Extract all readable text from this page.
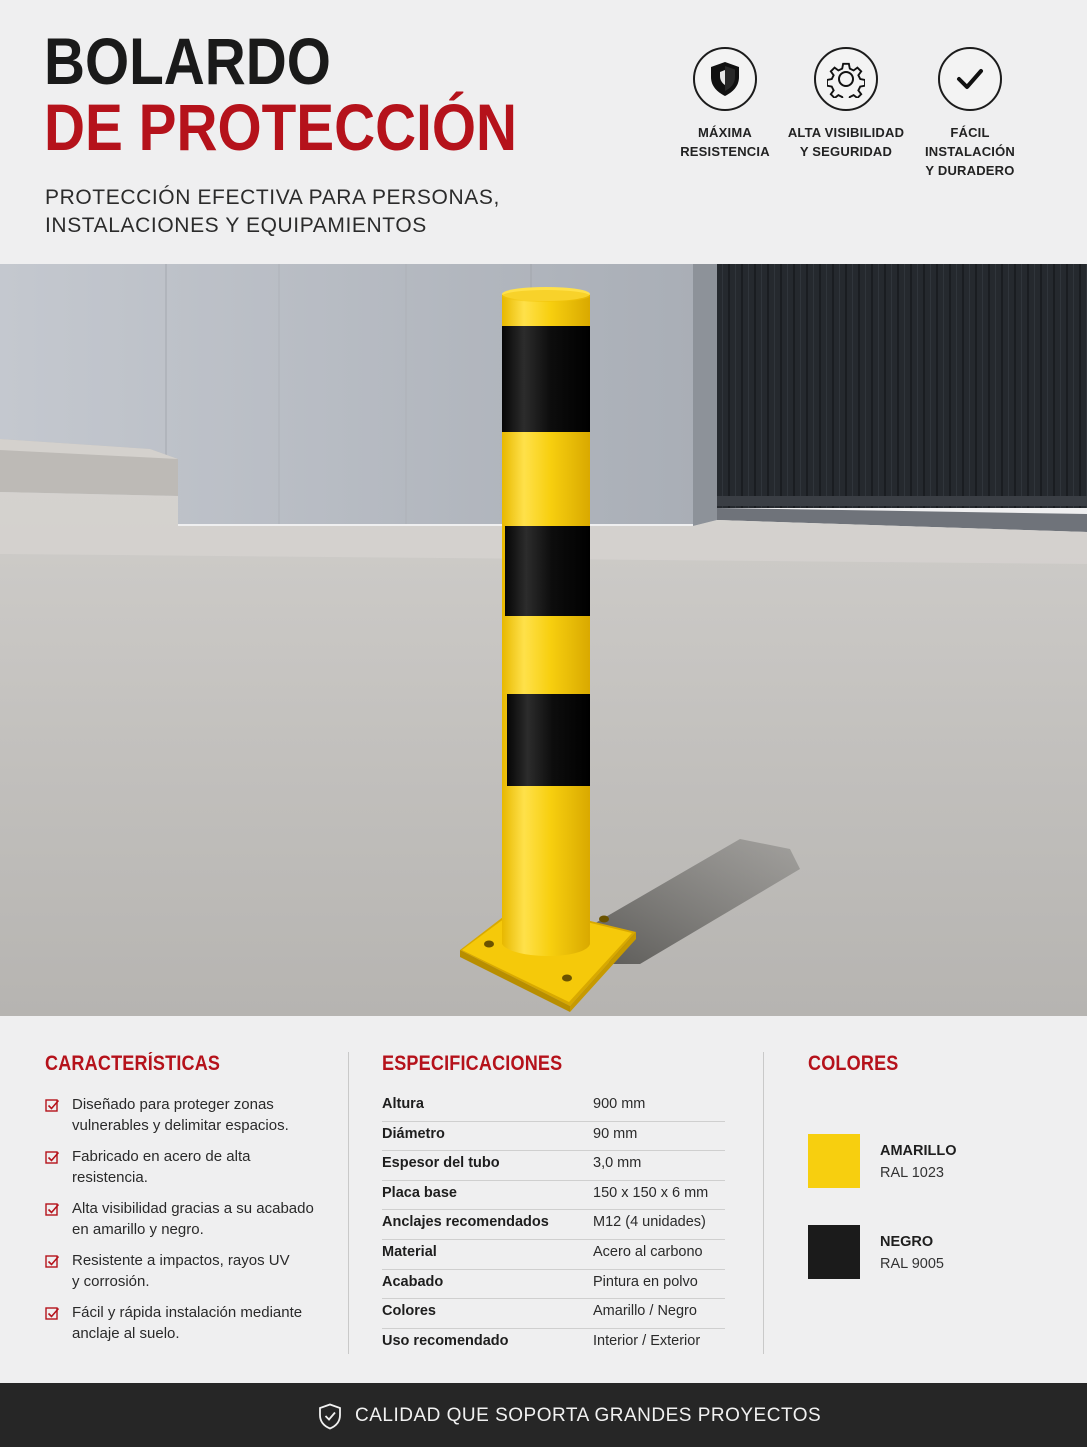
BOLARDO
DE PROTECCIÓN
PROTECCIÓN EFECTIVA PARA PERSONAS,
INSTALACIONES Y EQUIPAMIENTOS
MÁXIMA
RESISTENCIA
ALTA VISIBILIDAD
Y SEGURIDAD
FÁCIL INSTALACIÓN
Y DURADERO
CARACTERÍSTICAS
Diseñado para proteger zonas
vulnerables y delimitar espacios.
Fabricado en acero de alta
resistencia.
Alta visibilidad gracias a su acabado
en amarillo y negro.
Resistente a impactos, rayos UV
y corrosión.
Fácil y rápida instalación mediante
anclaje al suelo.
ESPECIFICACIONES
Altura	900 mm
Diámetro	90 mm
Espesor del tubo	3,0 mm
Placa base	150 x 150 x 6 mm
Anclajes recomendados	M12 (4 unidades)
Material	Acero al carbono
Acabado	Pintura en polvo
Colores	Amarillo / Negro
Uso recomendado	Interior / Exterior
COLORES
AMARILLO
RAL 1023
NEGRO
RAL 9005
CALIDAD QUE SOPORTA GRANDES PROYECTOS
